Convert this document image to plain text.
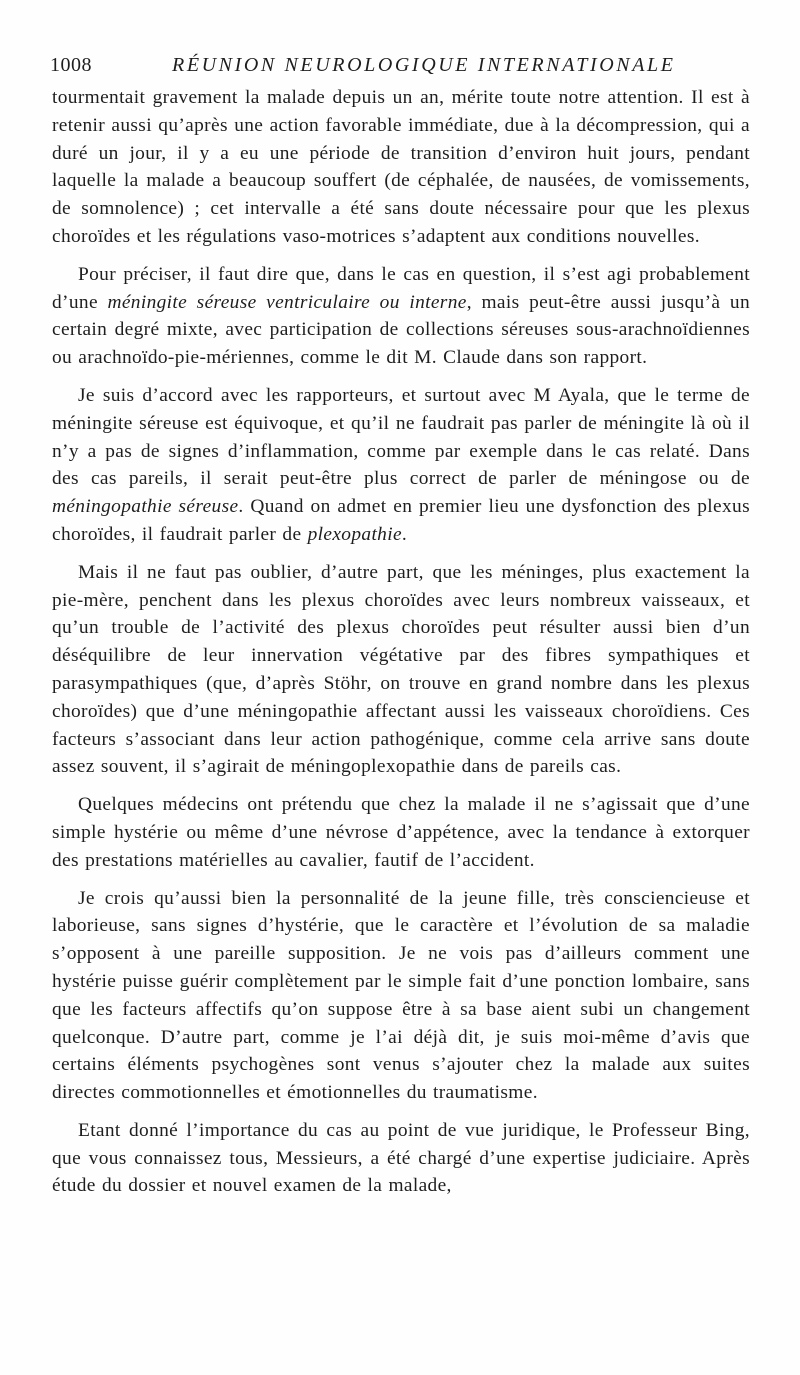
1008	RÉUNION NEUROLOGIQUE INTERNATIONALE

tourmentait gravement la malade depuis un an, mérite toute notre attention. Il est à retenir aussi qu’après une action favorable immédiate, due à la décompression, qui a duré un jour, il y a eu une période de transition d’environ huit jours, pendant laquelle la malade a beaucoup souffert (de céphalée, de nausées, de vomissements, de somnolence) ; cet intervalle a été sans doute nécessaire pour que les plexus choroïdes et les régulations vaso-motrices s’adaptent aux conditions nouvelles.

Pour préciser, il faut dire que, dans le cas en question, il s’est agi probablement d’une méningite séreuse ventriculaire ou interne, mais peut-être aussi jusqu’à un certain degré mixte, avec participation de collections séreuses sous-arachnoïdiennes ou arachnoïdo-pie-mériennes, comme le dit M. Claude dans son rapport.

Je suis d’accord avec les rapporteurs, et surtout avec M Ayala, que le terme de méningite séreuse est équivoque, et qu’il ne faudrait pas parler de méningite là où il n’y a pas de signes d’inflammation, comme par exemple dans le cas relaté. Dans des cas pareils, il serait peut-être plus correct de parler de méningose ou de méningopathie séreuse. Quand on admet en premier lieu une dysfonction des plexus choroïdes, il faudrait parler de plexopathie.

Mais il ne faut pas oublier, d’autre part, que les méninges, plus exactement la pie-mère, penchent dans les plexus choroïdes avec leurs nombreux vaisseaux, et qu’un trouble de l’activité des plexus choroïdes peut résulter aussi bien d’un déséquilibre de leur innervation végétative par des fibres sympathiques et parasympathiques (que, d’après Stöhr, on trouve en grand nombre dans les plexus choroïdes) que d’une méningopathie affectant aussi les vaisseaux choroïdiens. Ces facteurs s’associant dans leur action pathogénique, comme cela arrive sans doute assez souvent, il s’agirait de méningoplexopathie dans de pareils cas.

Quelques médecins ont prétendu que chez la malade il ne s’agissait que d’une simple hystérie ou même d’une névrose d’appétence, avec la tendance à extorquer des prestations matérielles au cavalier, fautif de l’accident.

Je crois qu’aussi bien la personnalité de la jeune fille, très consciencieuse et laborieuse, sans signes d’hystérie, que le caractère et l’évolution de sa maladie s’opposent à une pareille supposition. Je ne vois pas d’ailleurs comment une hystérie puisse guérir complètement par le simple fait d’une ponction lombaire, sans que les facteurs affectifs qu’on suppose être à sa base aient subi un changement quelconque. D’autre part, comme je l’ai déjà dit, je suis moi-même d’avis que certains éléments psychogènes sont venus s’ajouter chez la malade aux suites directes commotionnelles et émotionnelles du traumatisme.

Etant donné l’importance du cas au point de vue juridique, le Professeur Bing, que vous connaissez tous, Messieurs, a été chargé d’une expertise judiciaire. Après étude du dossier et nouvel examen de la malade,
